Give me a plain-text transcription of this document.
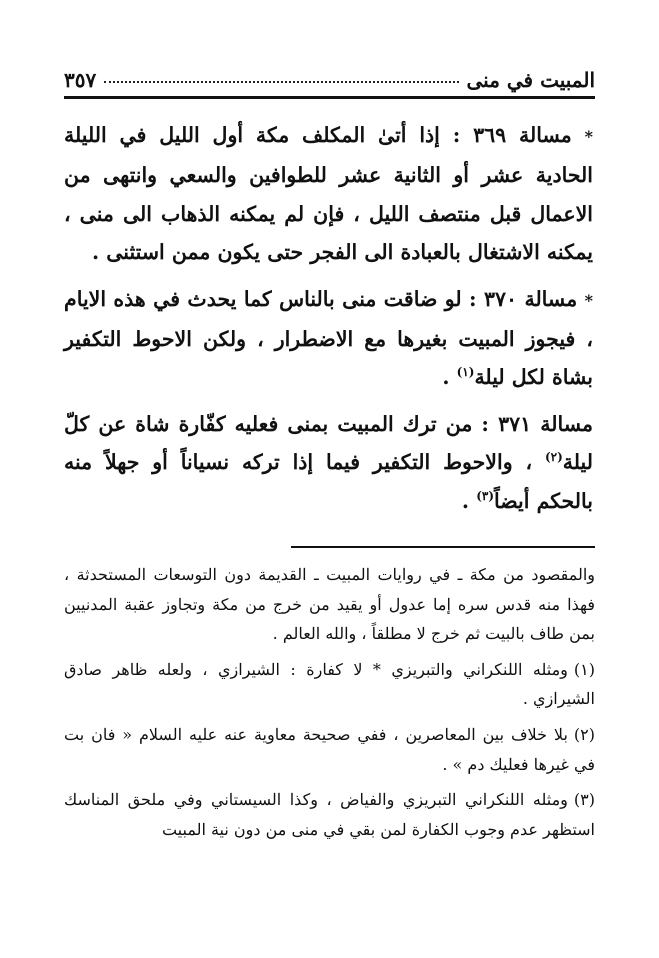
المبيت في منى
٣٥٧

* مسالة ٣٦٩ : إذا أتىٰ المكلف مكة أول الليل في الليلة الحادية عشر أو الثانية عشر للطوافين والسعي وانتهى من الاعمال قبل منتصف الليل ، فإن لم يمكنه الذهاب الى منى ، يمكنه الاشتغال بالعبادة الى الفجر حتى يكون ممن استثنى .

* مسالة ٣٧٠ : لو ضاقت منى بالناس كما يحدث في هذه الايام ، فيجوز المبيت بغيرها مع الاضطرار ، ولكن الاحوط التكفير بشاة لكل ليلة$^{(١)}$ .

مسالة ٣٧١ : من ترك المبيت بمنى فعليه كفّارة شاة عن كلّ ليلة$^{(٢)}$ ، والاحوط التكفير فيما إذا تركه نسياناً أو جهلاً منه بالحكم أيضاً$^{(٣)}$ .

والمقصود من مكة ـ في روايات المبيت ـ القديمة دون التوسعات المستحدثة ، فهذا منه قدس سره إما عدول أو يقيد من خرج من مكة وتجاوز عقبة المدنيين بمن طاف بالبيت ثم خرج لا مطلقاً ، والله العالم .

(١)ومثله اللنكراني والتبريزي * لا كفارة : الشيرازي ، ولعله ظاهر صادق الشيرازي .

(٢)بلا خلاف بين المعاصرين ، ففي صحيحة معاوية عنه عليه السلام « فان بت في غيرها فعليك دم » .

(٣)ومثله اللنكراني التبريزي والفياض ، وكذا السيستاني وفي ملحق المناسك استظهر عدم وجوب الكفارة لمن بقي في منى من دون نية المبيت
